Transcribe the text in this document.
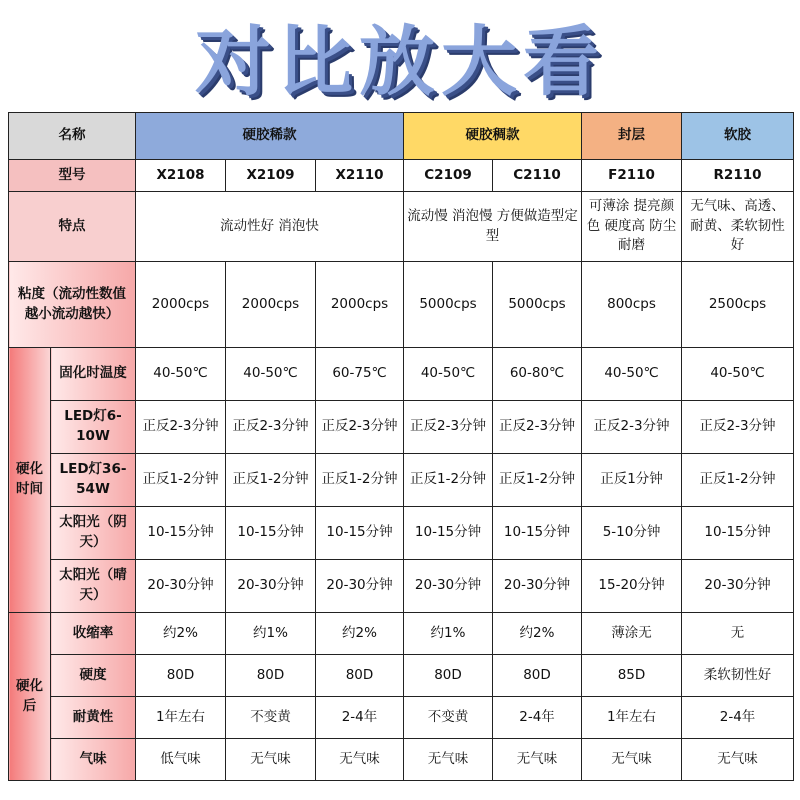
对比放大看
名称		硬胶稀款			硬胶稠款		封层	软胶
型号		X2108	X2109	X2110	C2109	C2110	F2110	R2110
特点		流动性好 消泡快			流动慢 消泡慢 方便做造型定型		可薄涂 提亮颜色 硬度高 防尘耐磨	无气味、高透、耐黄、柔软韧性好
粘度（流动性数值越小流动越快）		2000cps	2000cps	2000cps	5000cps	5000cps	800cps	2500cps
硬化时间	固化时温度	40-50℃	40-50℃	60-75℃	40-50℃	60-80℃	40-50℃	40-50℃
	LED灯6-10W	正反2-3分钟	正反2-3分钟	正反2-3分钟	正反2-3分钟	正反2-3分钟	正反2-3分钟	正反2-3分钟
	LED灯36-54W	正反1-2分钟	正反1-2分钟	正反1-2分钟	正反1-2分钟	正反1-2分钟	正反1分钟	正反1-2分钟
	太阳光（阴天）	10-15分钟	10-15分钟	10-15分钟	10-15分钟	10-15分钟	5-10分钟	10-15分钟
	太阳光（晴天）	20-30分钟	20-30分钟	20-30分钟	20-30分钟	20-30分钟	15-20分钟	20-30分钟
硬化后	收缩率	约2%	约1%	约2%	约1%	约2%	薄涂无	无
	硬度	80D	80D	80D	80D	80D	85D	柔软韧性好
	耐黄性	1年左右	不变黄	2-4年	不变黄	2-4年	1年左右	2-4年
	气味	低气味	无气味	无气味	无气味	无气味	无气味	无气味
